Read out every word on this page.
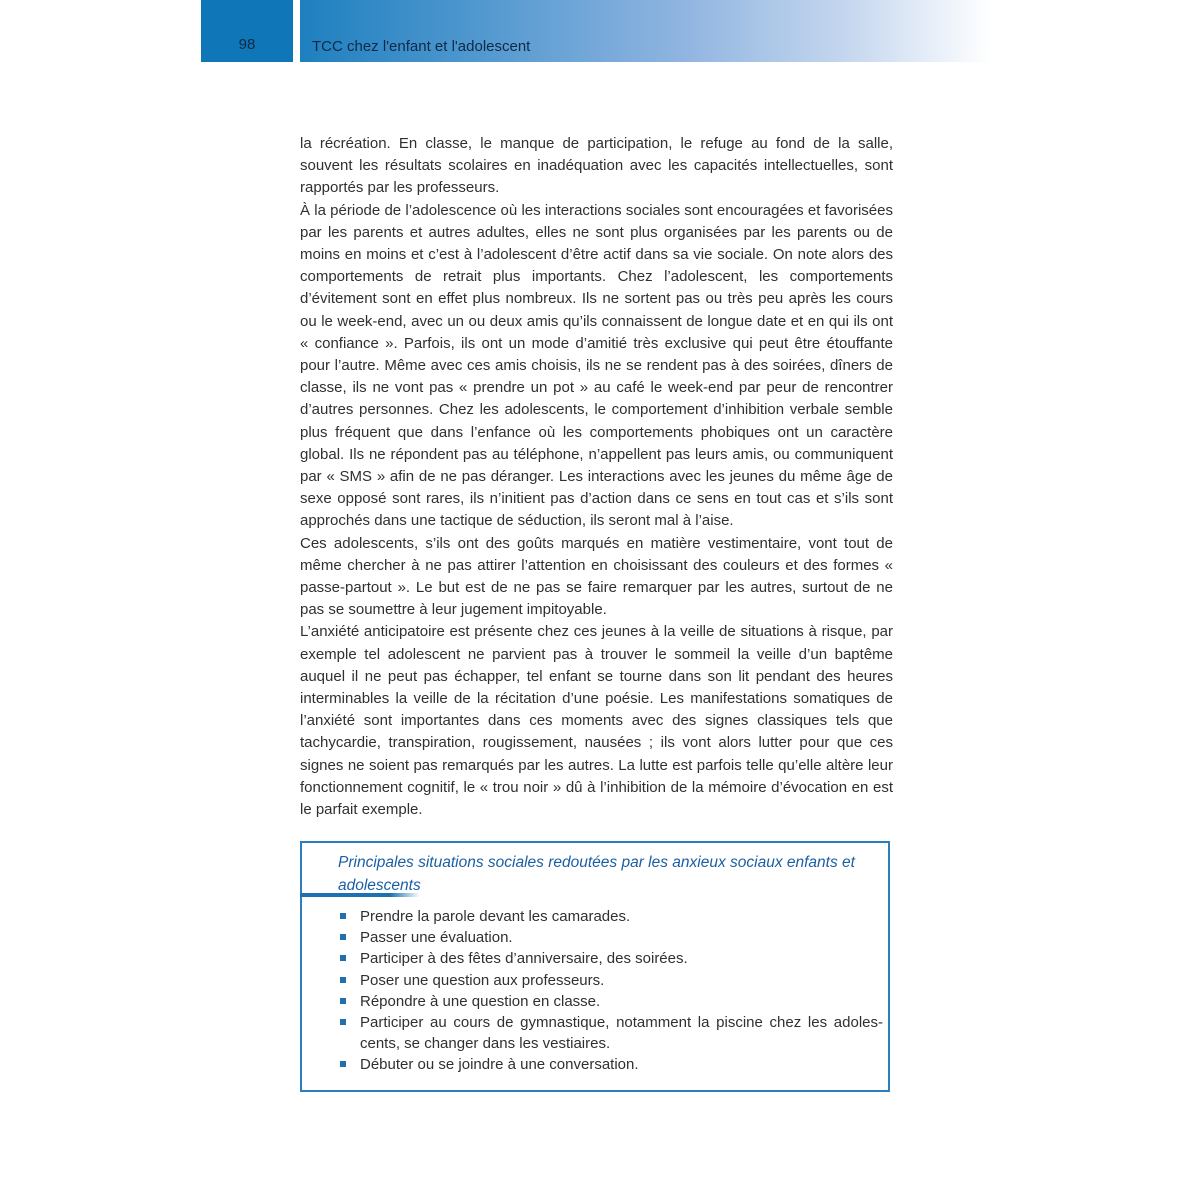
98	TCC chez l'enfant et l'adolescent

la récréation. En classe, le manque de participation, le refuge au fond de la salle, souvent les résultats scolaires en inadéquation avec les capacités intellectuelles, sont rapportés par les professeurs.

À la période de l’adolescence où les interactions sociales sont encouragées et favorisées par les parents et autres adultes, elles ne sont plus organisées par les parents ou de moins en moins et c’est à l’adolescent d’être actif dans sa vie sociale. On note alors des comportements de retrait plus importants. Chez l’adolescent, les comportements d’évitement sont en effet plus nombreux. Ils ne sortent pas ou très peu après les cours ou le week-end, avec un ou deux amis qu’ils connaissent de longue date et en qui ils ont « confiance ». Parfois, ils ont un mode d’amitié très exclusive qui peut être étouffante pour l’autre. Même avec ces amis choisis, ils ne se rendent pas à des soirées, dîners de classe, ils ne vont pas « prendre un pot » au café le week-end par peur de rencontrer d’autres personnes. Chez les adolescents, le comportement d’inhibition verbale semble plus fréquent que dans l’enfance où les comportements phobiques ont un caractère global. Ils ne répondent pas au téléphone, n’appellent pas leurs amis, ou communiquent par « SMS » afin de ne pas déranger. Les interactions avec les jeunes du même âge de sexe opposé sont rares, ils n’initient pas d’action dans ce sens en tout cas et s’ils sont approchés dans une tactique de séduction, ils seront mal à l’aise.

Ces adolescents, s’ils ont des goûts marqués en matière vestimentaire, vont tout de même chercher à ne pas attirer l’attention en choisissant des couleurs et des formes « passe-partout ». Le but est de ne pas se faire remarquer par les autres, surtout de ne pas se soumettre à leur jugement impitoyable.

L’anxiété anticipatoire est présente chez ces jeunes à la veille de situations à risque, par exemple tel adolescent ne parvient pas à trouver le sommeil la veille d’un baptême auquel il ne peut pas échapper, tel enfant se tourne dans son lit pendant des heures interminables la veille de la récitation d’une poésie. Les manifestations somatiques de l’anxiété sont importantes dans ces moments avec des signes classiques tels que tachycardie, transpiration, rougissement, nausées ; ils vont alors lutter pour que ces signes ne soient pas remarqués par les autres. La lutte est parfois telle qu’elle altère leur fonctionnement cognitif, le « trou noir » dû à l’inhibition de la mémoire d’évocation en est le parfait exemple.

Principales situations sociales redoutées par les anxieux sociaux enfants et adolescents
Prendre la parole devant les camarades.
Passer une évaluation.
Participer à des fêtes d’anniversaire, des soirées.
Poser une question aux professeurs.
Répondre à une question en classe.
Participer au cours de gymnastique, notamment la piscine chez les adoles-cents, se changer dans les vestiaires.
Débuter ou se joindre à une conversation.
